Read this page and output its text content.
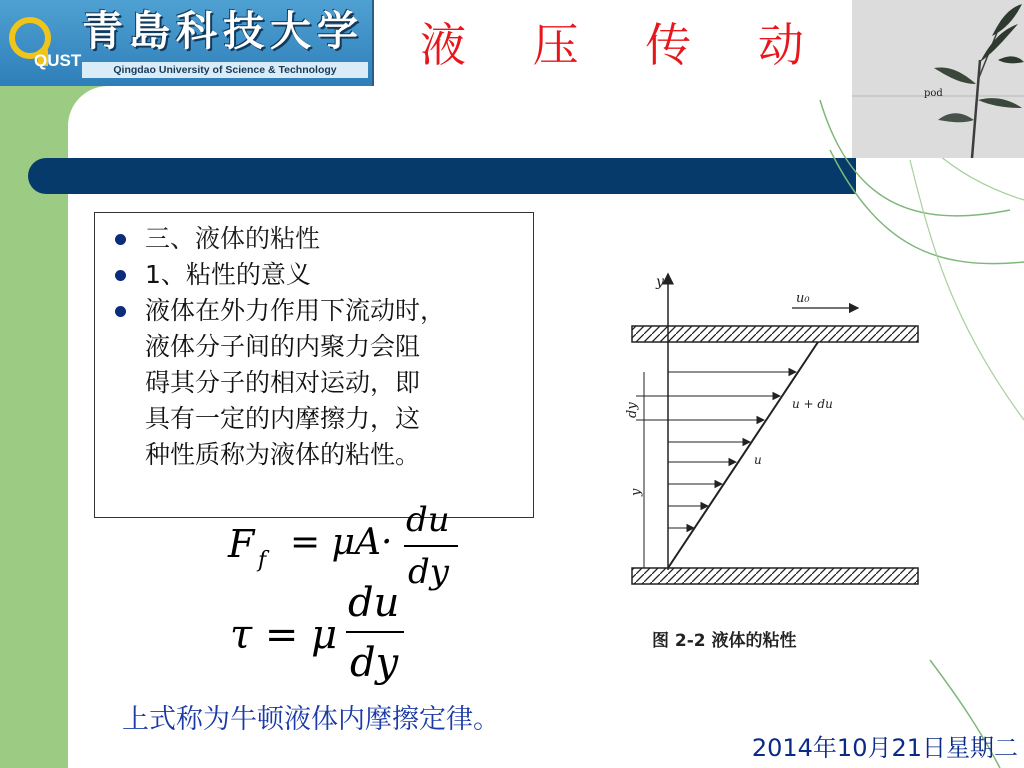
QUST
青島科技大学
Qingdao University of Science & Technology	液 压 传 动
pod
三、液体的粘性
1、粘性的意义
液体在外力作用下流动时，
液体分子间的内聚力会阻
碍其分子的相对运动，即
具有一定的内摩擦力，这
种性质称为液体的粘性。
F f = μA·
du
dy
τ = μ
du
dy
上式称为牛顿液体内摩擦定律。
y
u₀
u + du
u
dy
y
图 2-2 液体的粘性
2014年10月21日星期二
